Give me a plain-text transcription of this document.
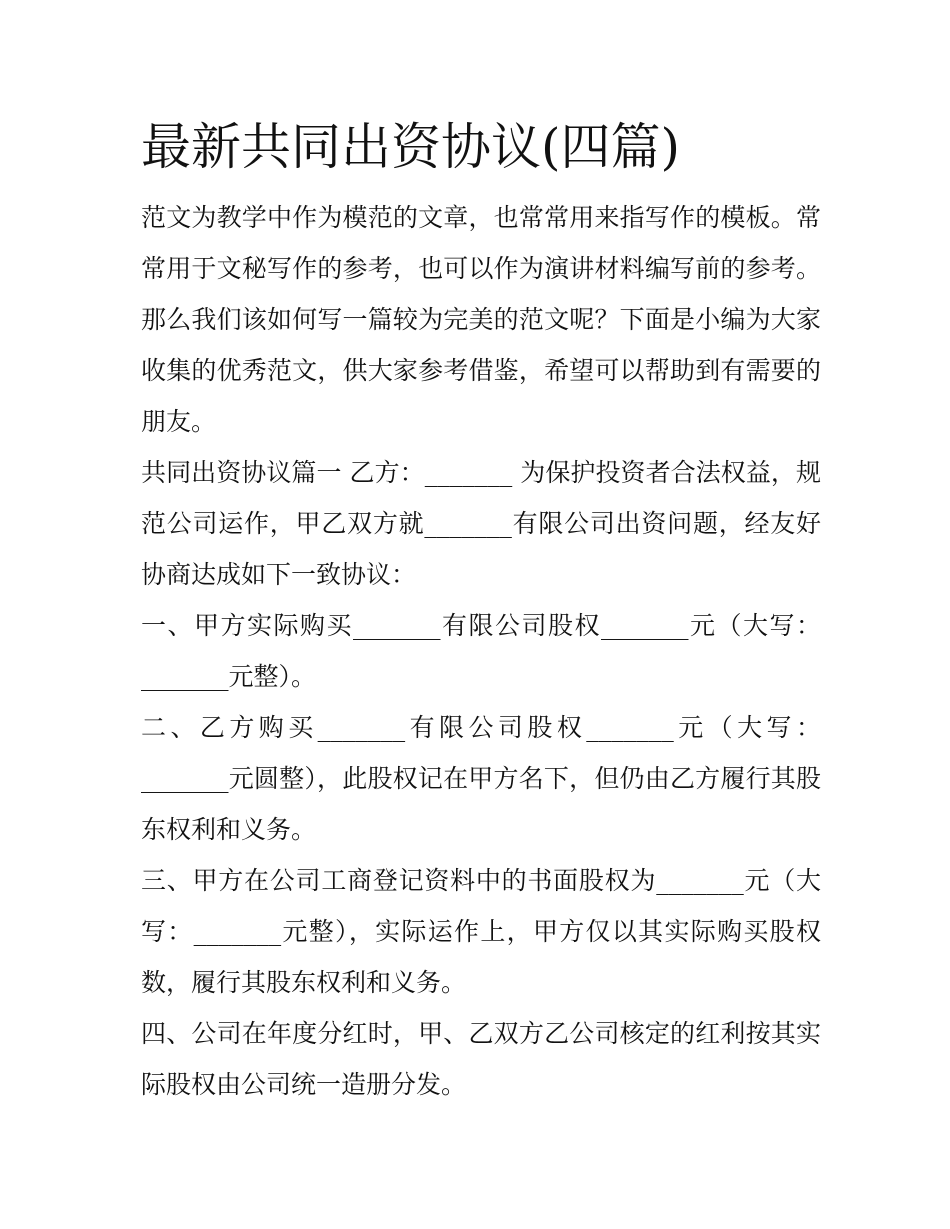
最新共同出资协议(四篇)

范文为教学中作为模范的文章，也常常用来指写作的模板。常常用于文秘写作的参考，也可以作为演讲材料编写前的参考。那么我们该如何写一篇较为完美的范文呢？下面是小编为大家收集的优秀范文，供大家参考借鉴，希望可以帮助到有需要的朋友。

共同出资协议篇一 乙方：_______ 为保护投资者合法权益，规范公司运作，甲乙双方就_______有限公司出资问题，经友好协商达成如下一致协议：

一、甲方实际购买_______有限公司股权_______元（大写：_______元整）。

二、乙方购买_______有限公司股权_______元（大写：_______元圆整），此股权记在甲方名下，但仍由乙方履行其股东权利和义务。

三、甲方在公司工商登记资料中的书面股权为_______元（大写：_______元整），实际运作上，甲方仅以其实际购买股权数，履行其股东权利和义务。

四、公司在年度分红时，甲、乙双方乙公司核定的红利按其实际股权由公司统一造册分发。
